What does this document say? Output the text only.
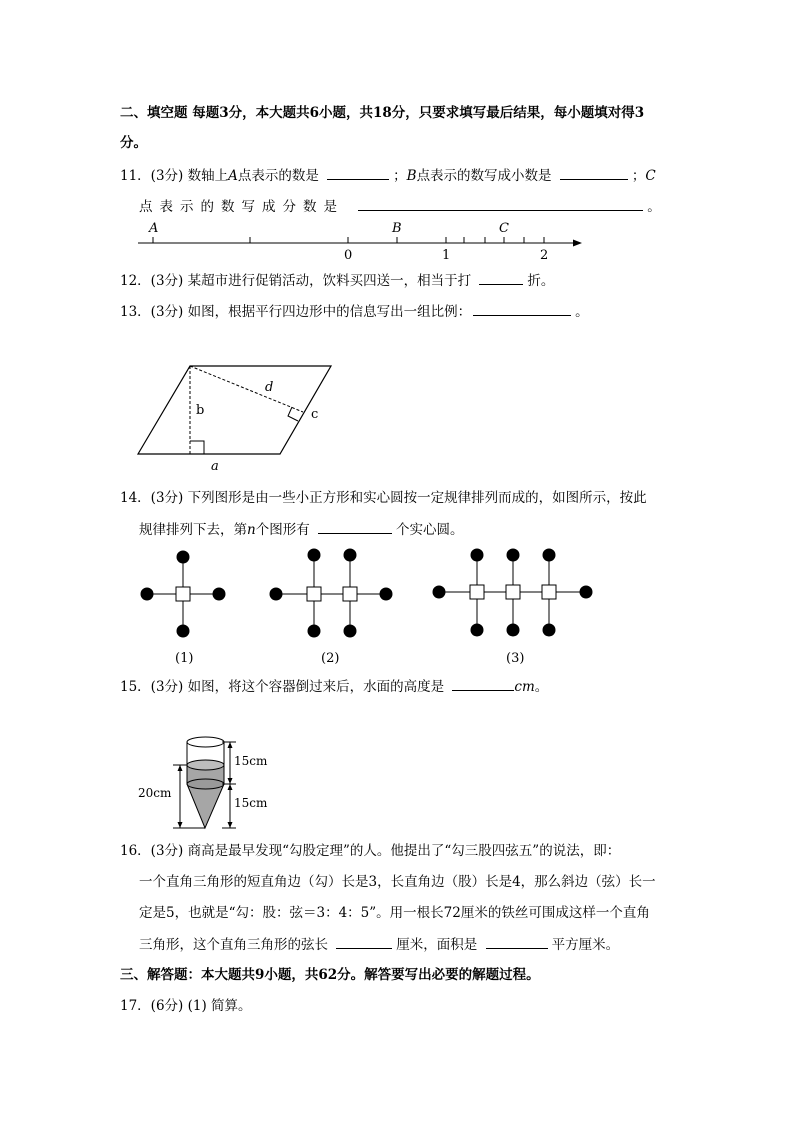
二、填空题 每题3分，本大题共6小题，共18分，只要求填写最后结果，每小题填对得3
分。
11．(3分) 数轴上A点表示的数是	；B点表示的数写成小数是	；C
点表示的数写成分数是	。
A	B	C
0	1	2
12．(3分) 某超市进行促销活动，饮料买四送一，相当于打	折。
13．(3分) 如图，根据平行四边形中的信息写出一组比例：	。
b
d
c
a
14．(3分) 下列图形是由一些小正方形和实心圆按一定规律排列而成的，如图所示，按此
规律排列下去，第n个图形有	个实心圆。
(1)	(2)	(3)
15．(3分) 如图，将这个容器倒过来后，水面的高度是	cm。
15cm
15cm
20cm
16．(3分) 商高是最早发现“勾股定理”的人。他提出了“勾三股四弦五”的说法，即：
一个直角三角形的短直角边（勾）长是3，长直角边（股）长是4，那么斜边（弦）长一
定是5，也就是“勾：股：弦＝3：4：5”。用一根长72厘米的铁丝可围成这样一个直角
三角形，这个直角三角形的弦长	厘米，面积是	平方厘米。
三、解答题：本大题共9小题，共62分。解答要写出必要的解题过程。
17．(6分) (1) 简算。
